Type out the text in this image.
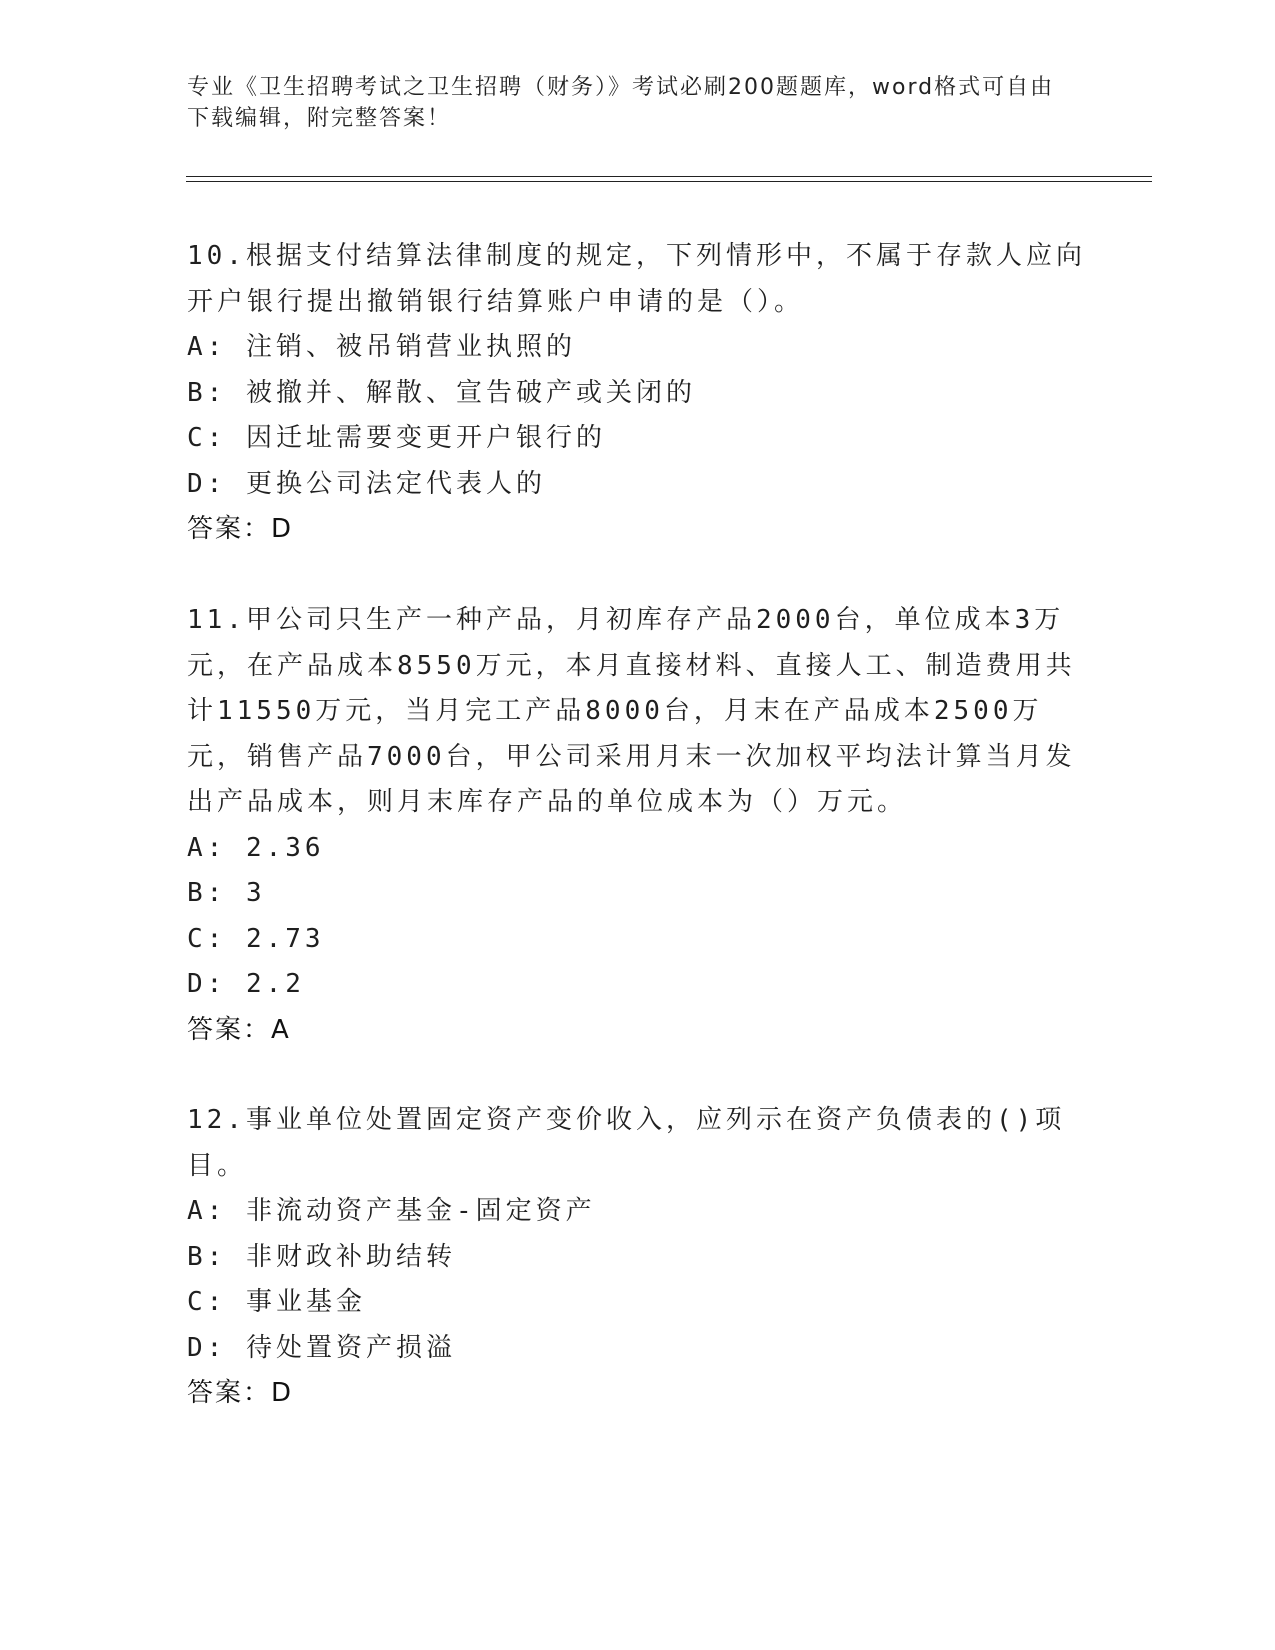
专业《卫生招聘考试之卫生招聘（财务）》考试必刷200题题库，word格式可自由下载编辑，附完整答案！

10.根据支付结算法律制度的规定，下列情形中，不属于存款人应向开户银行提出撤销银行结算账户申请的是（）。

A: 注销、被吊销营业执照的

B: 被撤并、解散、宣告破产或关闭的

C: 因迁址需要变更开户银行的

D: 更换公司法定代表人的

答案：D

11.甲公司只生产一种产品，月初库存产品2000台，单位成本3万元，在产品成本8550万元，本月直接材料、直接人工、制造费用共计11550万元，当月完工产品8000台，月末在产品成本2500万元，销售产品7000台，甲公司采用月末一次加权平均法计算当月发出产品成本，则月末库存产品的单位成本为（）万元。

A: 2.36

B: 3

C: 2.73

D: 2.2

答案：A

12.事业单位处置固定资产变价收入，应列示在资产负债表的()项目。

A: 非流动资产基金-固定资产

B: 非财政补助结转

C: 事业基金

D: 待处置资产损溢

答案：D
